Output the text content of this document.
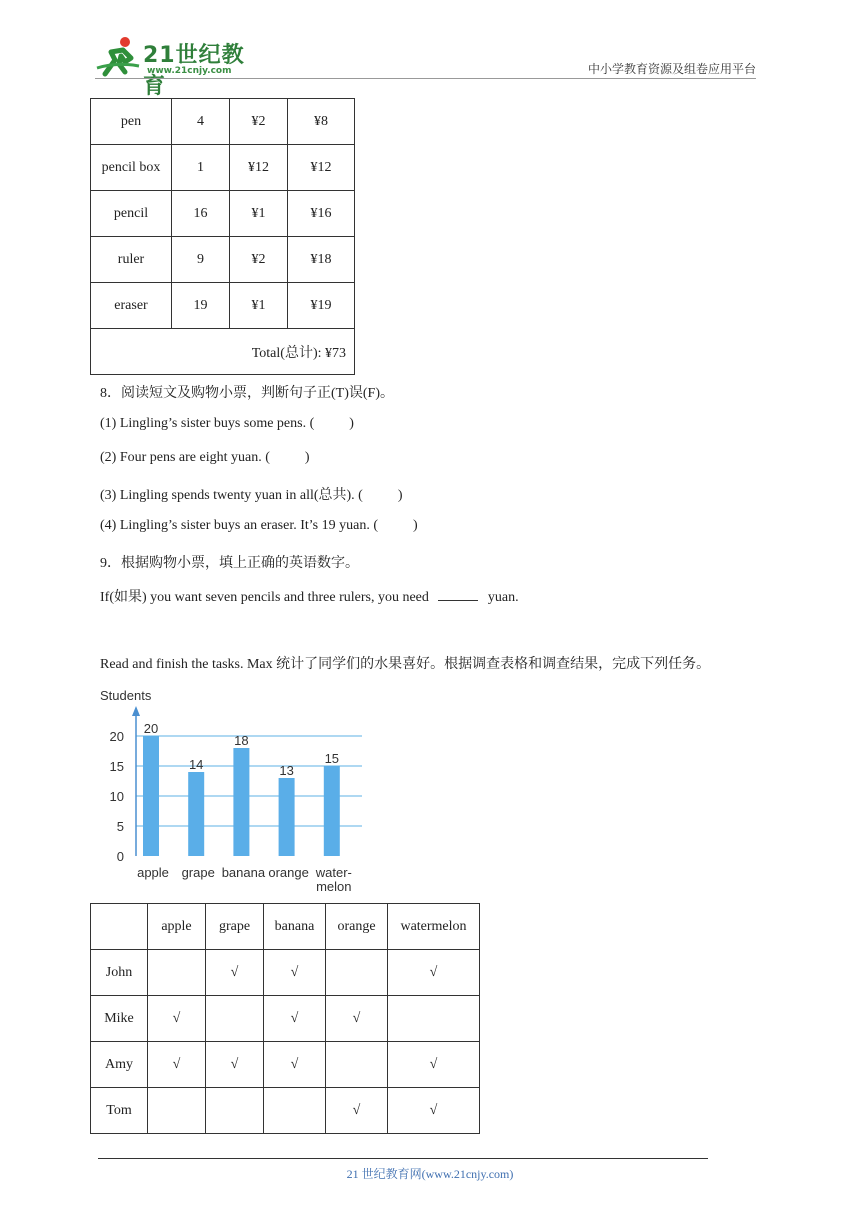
21世纪教育
www.21cnjy.com	中小学教育资源及组卷应用平台
pen	4	¥2	¥8
pencil box	1	¥12	¥12
pencil	16	¥1	¥16
ruler	9	¥2	¥18
eraser	19	¥1	¥19
Total(总计): ¥73			
8．阅读短文及购物小票，判断句子正(T)误(F)。
(1) Lingling’s sister buys some pens. (          )
(2) Four pens are eight yuan. (          )
(3) Lingling spends twenty yuan in all(总共). (          )
(4) Lingling’s sister buys an eraser. It’s 19 yuan. (          )
9．根据购物小票，填上正确的英语数字。
If(如果) you want seven pencils and three rulers, you need	yuan.
Read and finish the tasks. Max 统计了同学们的水果喜好。根据调查表格和调查结果，完成下列任务。
Students
0
5
10
15
20
20
apple
14
grape
18
banana
13
orange
15
water-
melon
	apple	grape	banana	orange	watermelon
John		√	√		√
Mike	√		√	√	
Amy	√	√	√		√
Tom				√	√
21 世纪教育网(www.21cnjy.com)
